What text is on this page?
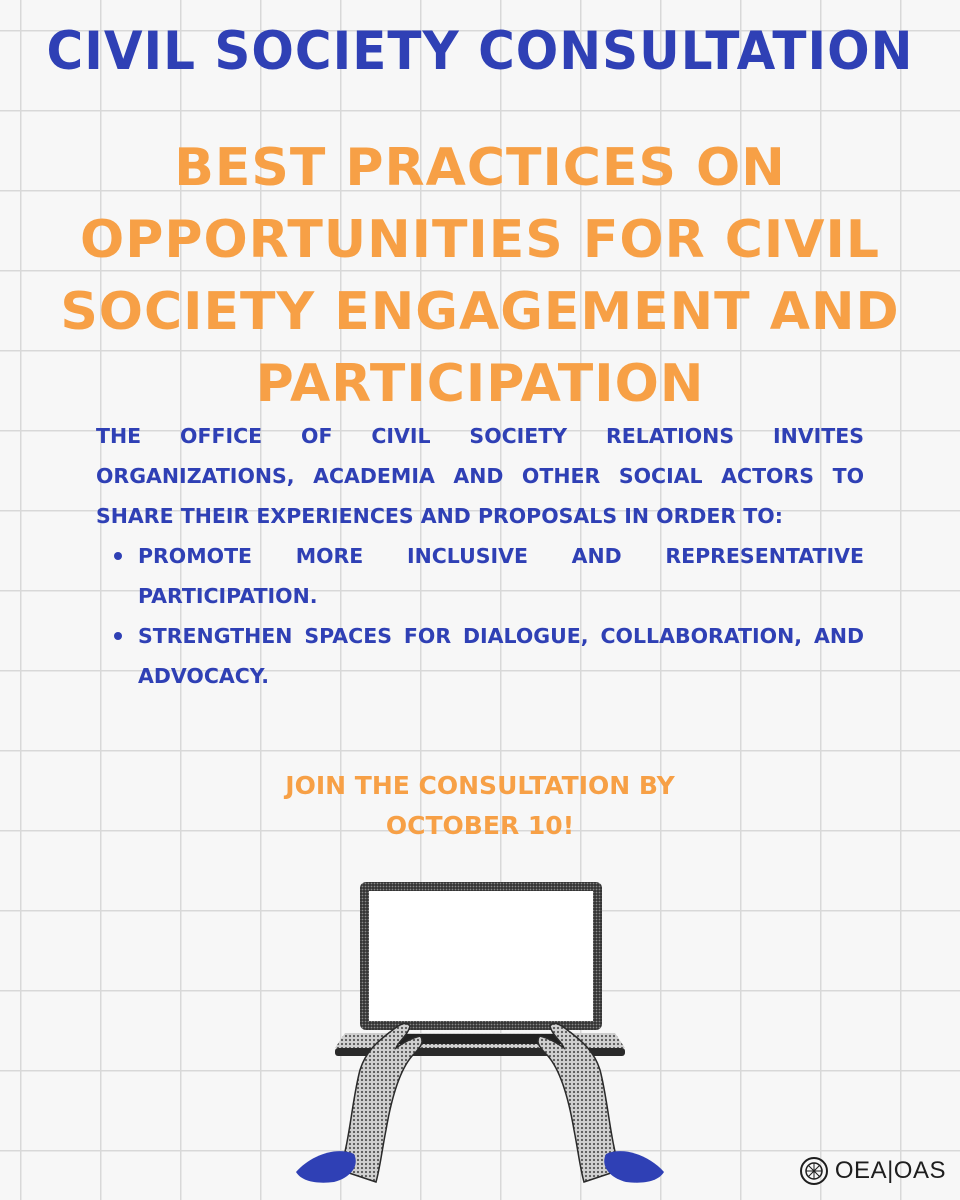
CIVIL SOCIETY CONSULTATION
BEST PRACTICES ON OPPORTUNITIES FOR CIVIL SOCIETY ENGAGEMENT AND PARTICIPATION

THE OFFICE OF CIVIL SOCIETY RELATIONS INVITES ORGANIZATIONS, ACADEMIA AND OTHER SOCIAL ACTORS TO SHARE THEIR EXPERIENCES AND PROPOSALS IN ORDER TO:

PROMOTE MORE INCLUSIVE AND REPRESENTATIVE PARTICIPATION.
STRENGTHEN SPACES FOR DIALOGUE, COLLABORATION, AND ADVOCACY.
JOIN THE CONSULTATION BY
OCTOBER 10!
OEA|OAS
